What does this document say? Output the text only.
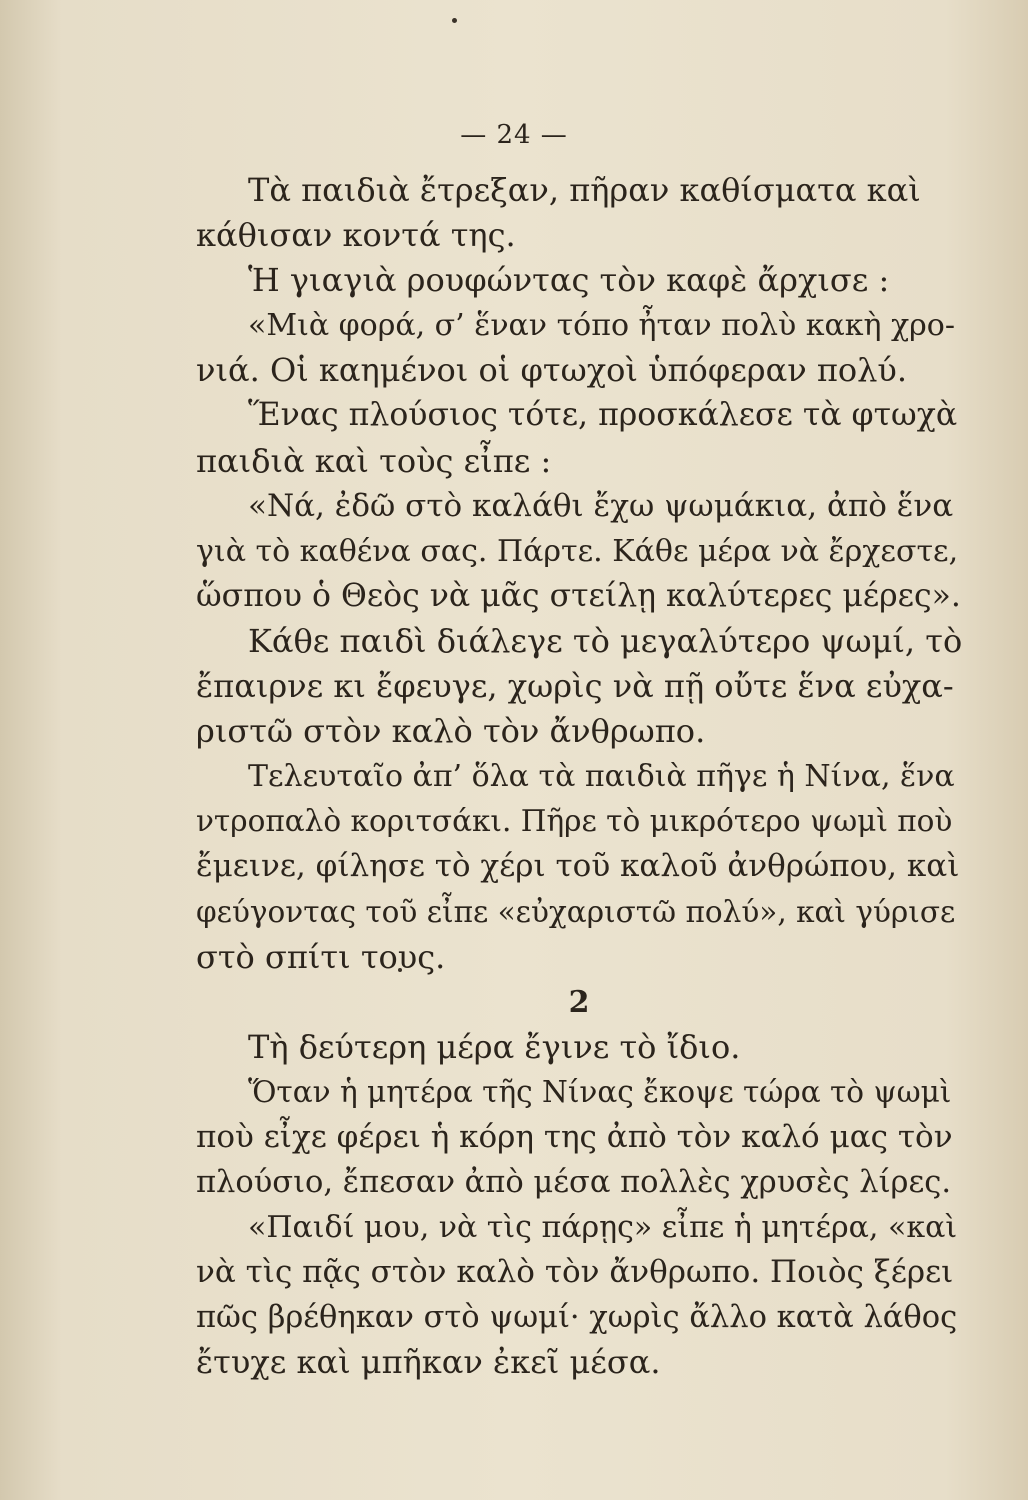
— 24 —
Τὰ παιδιὰ ἔτρεξαν, πῆραν καθίσματα καὶ
κάθισαν κοντά της.
Ἡ γιαγιὰ ρουφώντας τὸν καφὲ ἄρχισε :
«Μιὰ φορά, σ’ ἕναν τόπο ἦταν πολὺ κακὴ χρο-
νιά. Οἱ καημένοι οἱ φτωχοὶ ὑπόφεραν πολύ.
Ἕνας πλούσιος τότε, προσκάλεσε τὰ φτωχὰ
παιδιὰ καὶ τοὺς εἶπε :
«Νά, ἐδῶ στὸ καλάθι ἔχω ψωμάκια, ἀπὸ ἕνα
γιὰ τὸ καθένα σας. Πάρτε. Κάθε μέρα νὰ ἔρχεστε,
ὥσπου ὁ Θεὸς νὰ μᾶς στείλῃ καλύτερες μέρες».
Κάθε παιδὶ διάλεγε τὸ μεγαλύτερο ψωμί, τὸ
ἔπαιρνε κι ἔφευγε, χωρὶς νὰ πῇ οὔτε ἕνα εὐχα-
ριστῶ στὸν καλὸ τὸν ἄνθρωπο.
Τελευταῖο ἀπ’ ὅλα τὰ παιδιὰ πῆγε ἡ Νίνα, ἕνα
ντροπαλὸ κοριτσάκι. Πῆρε τὸ μικρότερο ψωμὶ ποὺ
ἔμεινε, φίλησε τὸ χέρι τοῦ καλοῦ ἀνθρώπου, καὶ
φεύγοντας τοῦ εἶπε «εὐχαριστῶ πολύ», καὶ γύρισε
στὸ σπίτι τους.
2
Τὴ δεύτερη μέρα ἔγινε τὸ ἴδιο.
Ὅταν ἡ μητέρα τῆς Νίνας ἔκοψε τώρα τὸ ψωμὶ
ποὺ εἶχε φέρει ἡ κόρη της ἀπὸ τὸν καλό μας τὸν
πλούσιο, ἔπεσαν ἀπὸ μέσα πολλὲς χρυσὲς λίρες.
«Παιδί μου, νὰ τὶς πάρῃς» εἶπε ἡ μητέρα, «καὶ
νὰ τὶς πᾷς στὸν καλὸ τὸν ἄνθρωπο. Ποιὸς ξέρει
πῶς βρέθηκαν στὸ ψωμί· χωρὶς ἄλλο κατὰ λάθος
ἔτυχε καὶ μπῆκαν ἐκεῖ μέσα.
